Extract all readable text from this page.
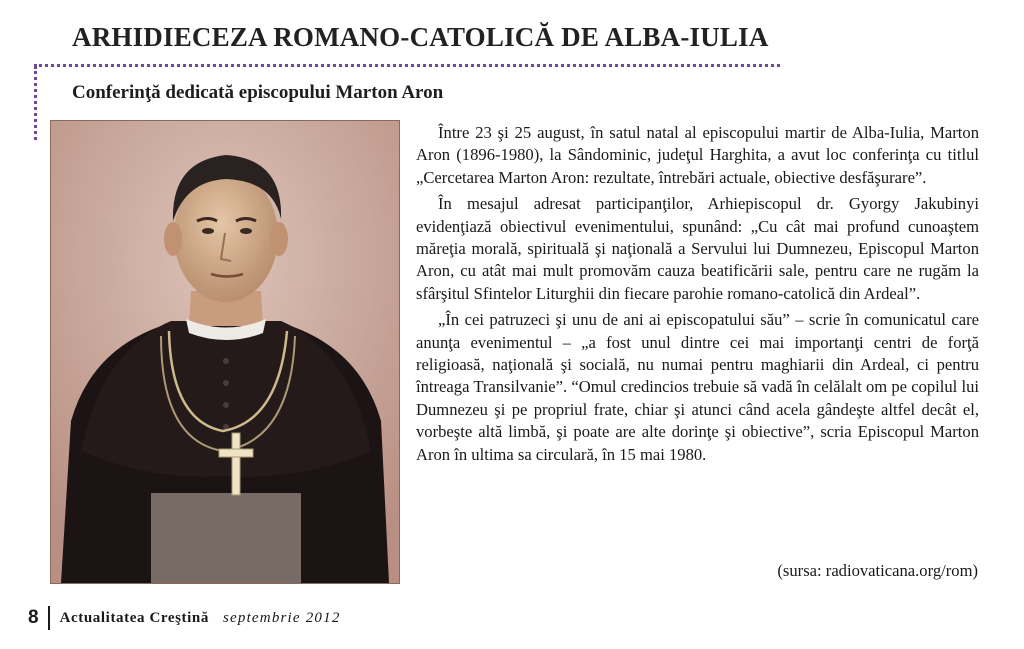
ARHIDIECEZA ROMANO-CATOLICĂ DE ALBA-IULIA
Conferinţă dedicată episcopului Marton Aron

Între 23 şi 25 august, în satul natal al episcopului martir de Alba-Iulia, Marton Aron (1896-1980), la Sândominic, judeţul Harghita, a avut loc conferinţa cu titlul „Cercetarea Marton Aron: rezultate, întrebări actuale, obiective desfăşurare”.

În mesajul adresat participanţilor, Arhiepiscopul dr. Gyorgy Jakubinyi evidenţiază obiectivul evenimentului, spunând: „Cu cât mai profund cunoaştem măreţia morală, spirituală şi naţională a Servului lui Dumnezeu, Episcopul Marton Aron, cu atât mai mult promovăm cauza beatificării sale, pentru care ne rugăm la sfârşitul Sfintelor Liturghii din fiecare parohie romano-catolică din Ardeal”.

„În cei patruzeci şi unu de ani ai episcopatului său” – scrie în comunicatul care anunţa evenimentul – „a fost unul dintre cei mai importanţi centri de forţă religioasă, naţională şi socială, nu numai pentru maghiarii din Ardeal, ci pentru întreaga Transilvanie”. “Omul credincios trebuie să vadă în celălalt om pe copilul lui Dumnezeu şi pe propriul frate, chiar şi atunci când acela gândeşte altfel decât el, vorbeşte altă limbă, şi poate are alte dorinţe şi obiective”, scria Episcopul Marton Aron în ultima sa circulară, în 15 mai 1980.

(sursa: radiovaticana.org/rom)
8 Actualitatea Creştină septembrie 2012
